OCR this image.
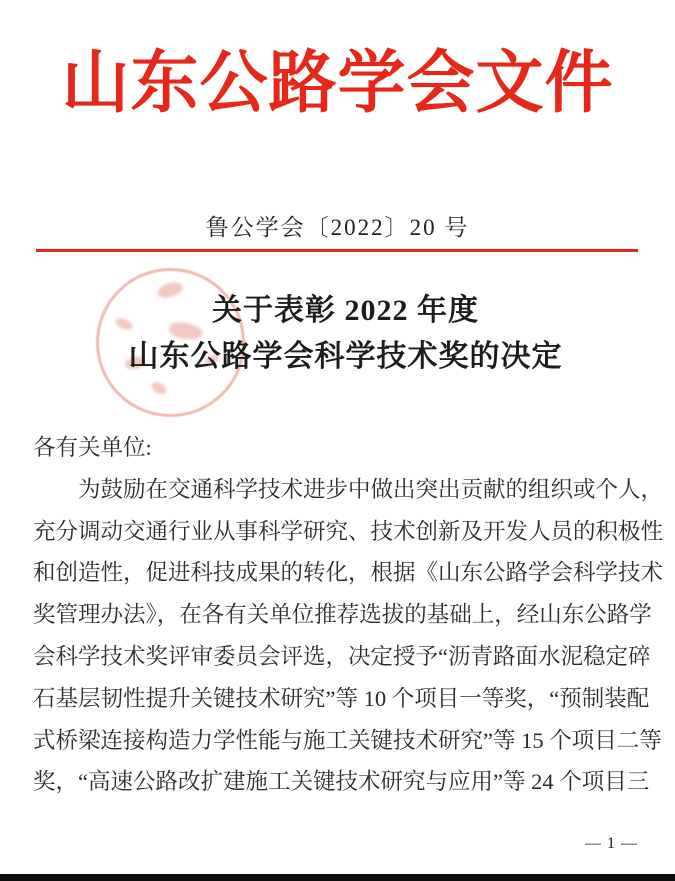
山东公路学会文件
鲁公学会〔2022〕20 号
关于表彰 2022 年度
山东公路学会科学技术奖的决定
各有关单位:
为鼓励在交通科学技术进步中做出突出贡献的组织或个人，
充分调动交通行业从事科学研究、技术创新及开发人员的积极性
和创造性，促进科技成果的转化，根据《山东公路学会科学技术
奖管理办法》，在各有关单位推荐选拔的基础上，经山东公路学
会科学技术奖评审委员会评选，决定授予“沥青路面水泥稳定碎
石基层韧性提升关键技术研究”等 10 个项目一等奖，“预制装配
式桥梁连接构造力学性能与施工关键技术研究”等 15 个项目二等
奖，“高速公路改扩建施工关键技术研究与应用”等 24 个项目三
— 1 —
